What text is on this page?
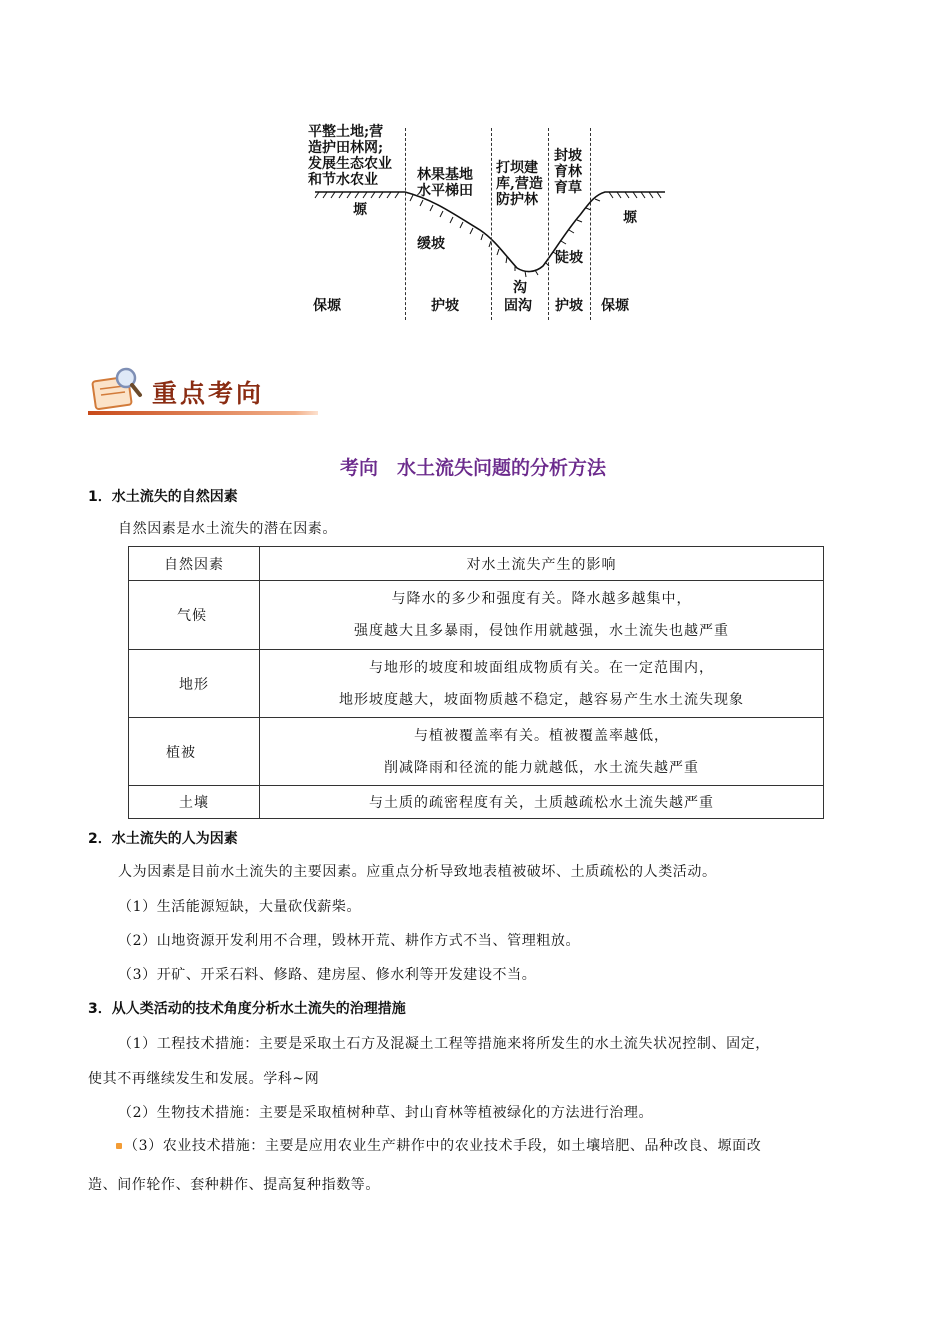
平整土地;营
造护田林网;
发展生态农业
和节水农业	林果基地
水平梯田
打坝建
库,营造
防护林
封坡
育林
育草
塬	塬
缓坡
陡坡
沟
保塬	护坡	固沟 护坡 保塬
重点考向
考向　水土流失问题的分析方法
1．水土流失的自然因素
自然因素是水土流失的潜在因素。
自然因素	对水土流失产生的影响

气候	与降水的多少和强度有关。降水越多越集中，
强度越大且多暴雨，侵蚀作用就越强，水土流失也越严重

地形	与地形的坡度和坡面组成物质有关。在一定范围内，
地形坡度越大，坡面物质越不稳定，越容易产生水土流失现象

植被	与植被覆盖率有关。植被覆盖率越低，
削减降雨和径流的能力就越低，水土流失越严重

土壤	与土质的疏密程度有关，土质越疏松水土流失越严重
2．水土流失的人为因素
人为因素是目前水土流失的主要因素。应重点分析导致地表植被破坏、土质疏松的人类活动。
（1）生活能源短缺，大量砍伐薪柴。
（2）山地资源开发利用不合理，毁林开荒、耕作方式不当、管理粗放。
（3）开矿、开采石料、修路、建房屋、修水利等开发建设不当。
3．从人类活动的技术角度分析水土流失的治理措施
（1）工程技术措施：主要是采取土石方及混凝土工程等措施来将所发生的水土流失状况控制、固定，
使其不再继续发生和发展。学科~网
（2）生物技术措施：主要是采取植树种草、封山育林等植被绿化的方法进行治理。
（3）农业技术措施：主要是应用农业生产耕作中的农业技术手段，如土壤培肥、品种改良、塬面改
造、间作轮作、套种耕作、提高复种指数等。
